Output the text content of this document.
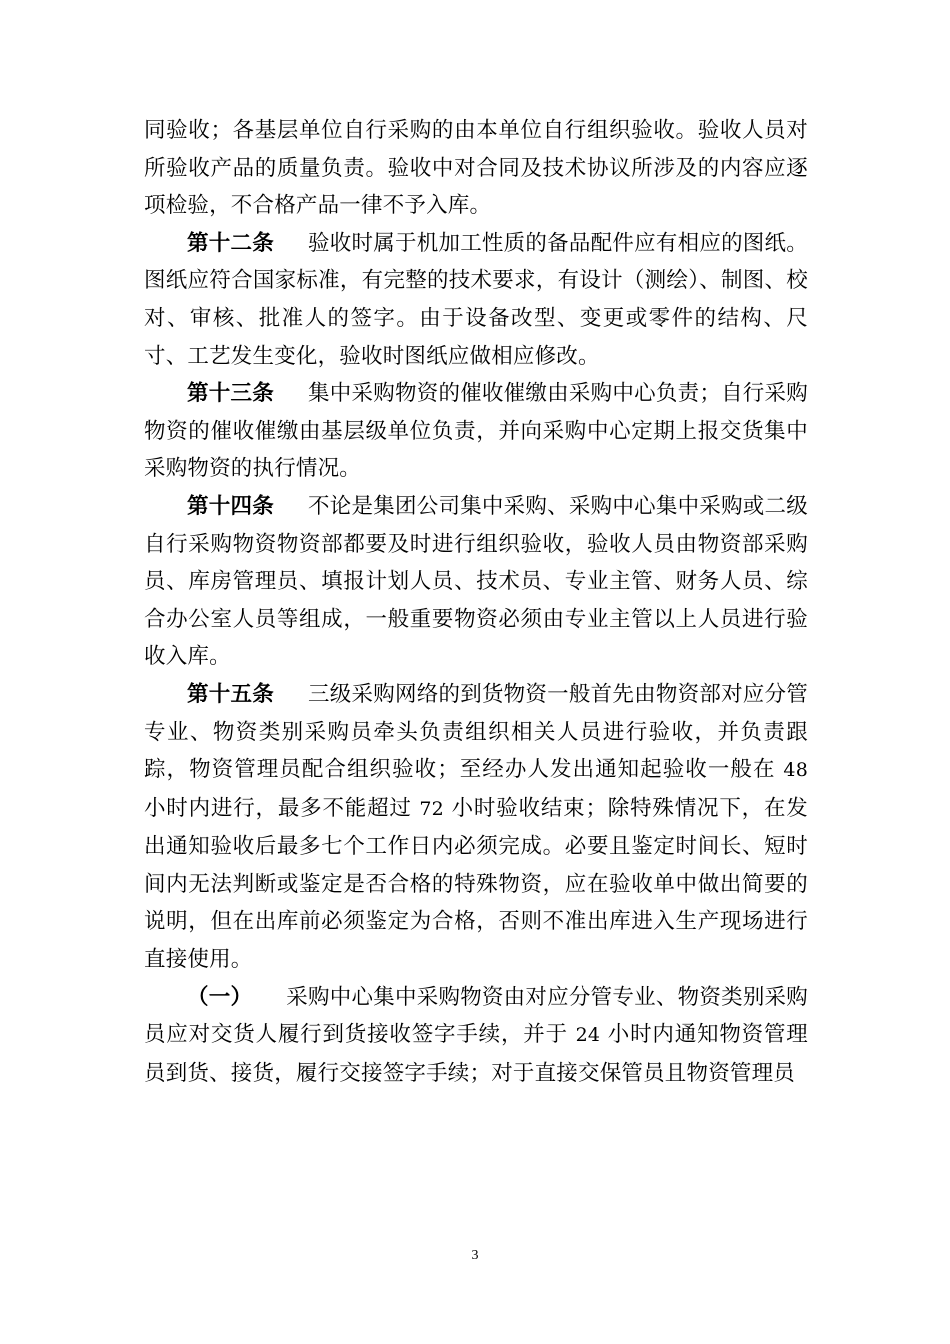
同验收；各基层单位自行采购的由本单位自行组织验收。验收人员对所验收产品的质量负责。验收中对合同及技术协议所涉及的内容应逐项检验，不合格产品一律不予入库。

第十二条 验收时属于机加工性质的备品配件应有相应的图纸。图纸应符合国家标准，有完整的技术要求，有设计（测绘）、制图、校对、审核、批准人的签字。由于设备改型、变更或零件的结构、尺寸、工艺发生变化，验收时图纸应做相应修改。

第十三条 集中采购物资的催收催缴由采购中心负责；自行采购物资的催收催缴由基层级单位负责，并向采购中心定期上报交货集中采购物资的执行情况。

第十四条 不论是集团公司集中采购、采购中心集中采购或二级自行采购物资物资部都要及时进行组织验收，验收人员由物资部采购员、库房管理员、填报计划人员、技术员、专业主管、财务人员、综合办公室人员等组成，一般重要物资必须由专业主管以上人员进行验收入库。

第十五条 三级采购网络的到货物资一般首先由物资部对应分管专业、物资类别采购员牵头负责组织相关人员进行验收，并负责跟踪，物资管理员配合组织验收；至经办人发出通知起验收一般在 48 小时内进行，最多不能超过 72 小时验收结束；除特殊情况下，在发出通知验收后最多七个工作日内必须完成。必要且鉴定时间长、短时间内无法判断或鉴定是否合格的特殊物资，应在验收单中做出简要的说明，但在出库前必须鉴定为合格，否则不准出库进入生产现场进行直接使用。

（一） 采购中心集中采购物资由对应分管专业、物资类别采购员应对交货人履行到货接收签字手续，并于 24 小时内通知物资管理员到货、接货，履行交接签字手续；对于直接交保管员且物资管理员

3
